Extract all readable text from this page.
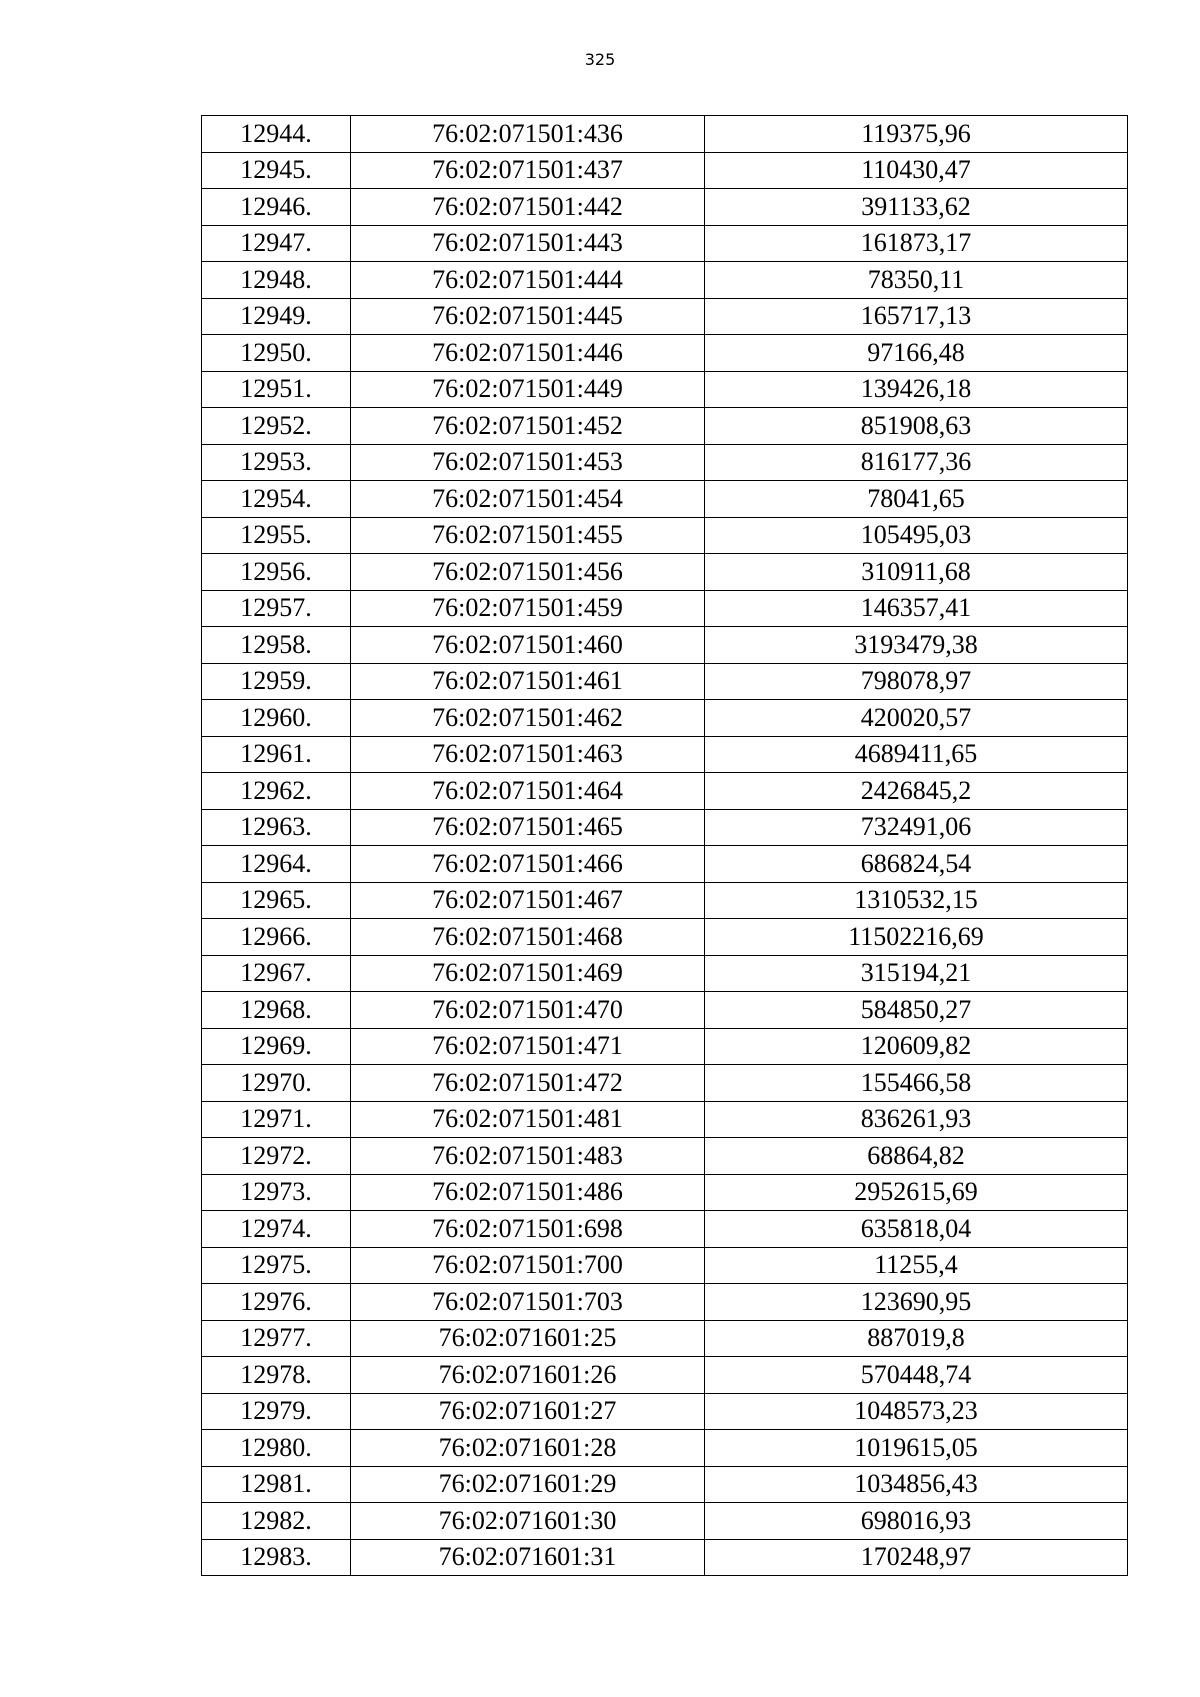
325
12944.	76:02:071501:436	119375,96
12945.	76:02:071501:437	110430,47
12946.	76:02:071501:442	391133,62
12947.	76:02:071501:443	161873,17
12948.	76:02:071501:444	78350,11
12949.	76:02:071501:445	165717,13
12950.	76:02:071501:446	97166,48
12951.	76:02:071501:449	139426,18
12952.	76:02:071501:452	851908,63
12953.	76:02:071501:453	816177,36
12954.	76:02:071501:454	78041,65
12955.	76:02:071501:455	105495,03
12956.	76:02:071501:456	310911,68
12957.	76:02:071501:459	146357,41
12958.	76:02:071501:460	3193479,38
12959.	76:02:071501:461	798078,97
12960.	76:02:071501:462	420020,57
12961.	76:02:071501:463	4689411,65
12962.	76:02:071501:464	2426845,2
12963.	76:02:071501:465	732491,06
12964.	76:02:071501:466	686824,54
12965.	76:02:071501:467	1310532,15
12966.	76:02:071501:468	11502216,69
12967.	76:02:071501:469	315194,21
12968.	76:02:071501:470	584850,27
12969.	76:02:071501:471	120609,82
12970.	76:02:071501:472	155466,58
12971.	76:02:071501:481	836261,93
12972.	76:02:071501:483	68864,82
12973.	76:02:071501:486	2952615,69
12974.	76:02:071501:698	635818,04
12975.	76:02:071501:700	11255,4
12976.	76:02:071501:703	123690,95
12977.	76:02:071601:25	887019,8
12978.	76:02:071601:26	570448,74
12979.	76:02:071601:27	1048573,23
12980.	76:02:071601:28	1019615,05
12981.	76:02:071601:29	1034856,43
12982.	76:02:071601:30	698016,93
12983.	76:02:071601:31	170248,97
